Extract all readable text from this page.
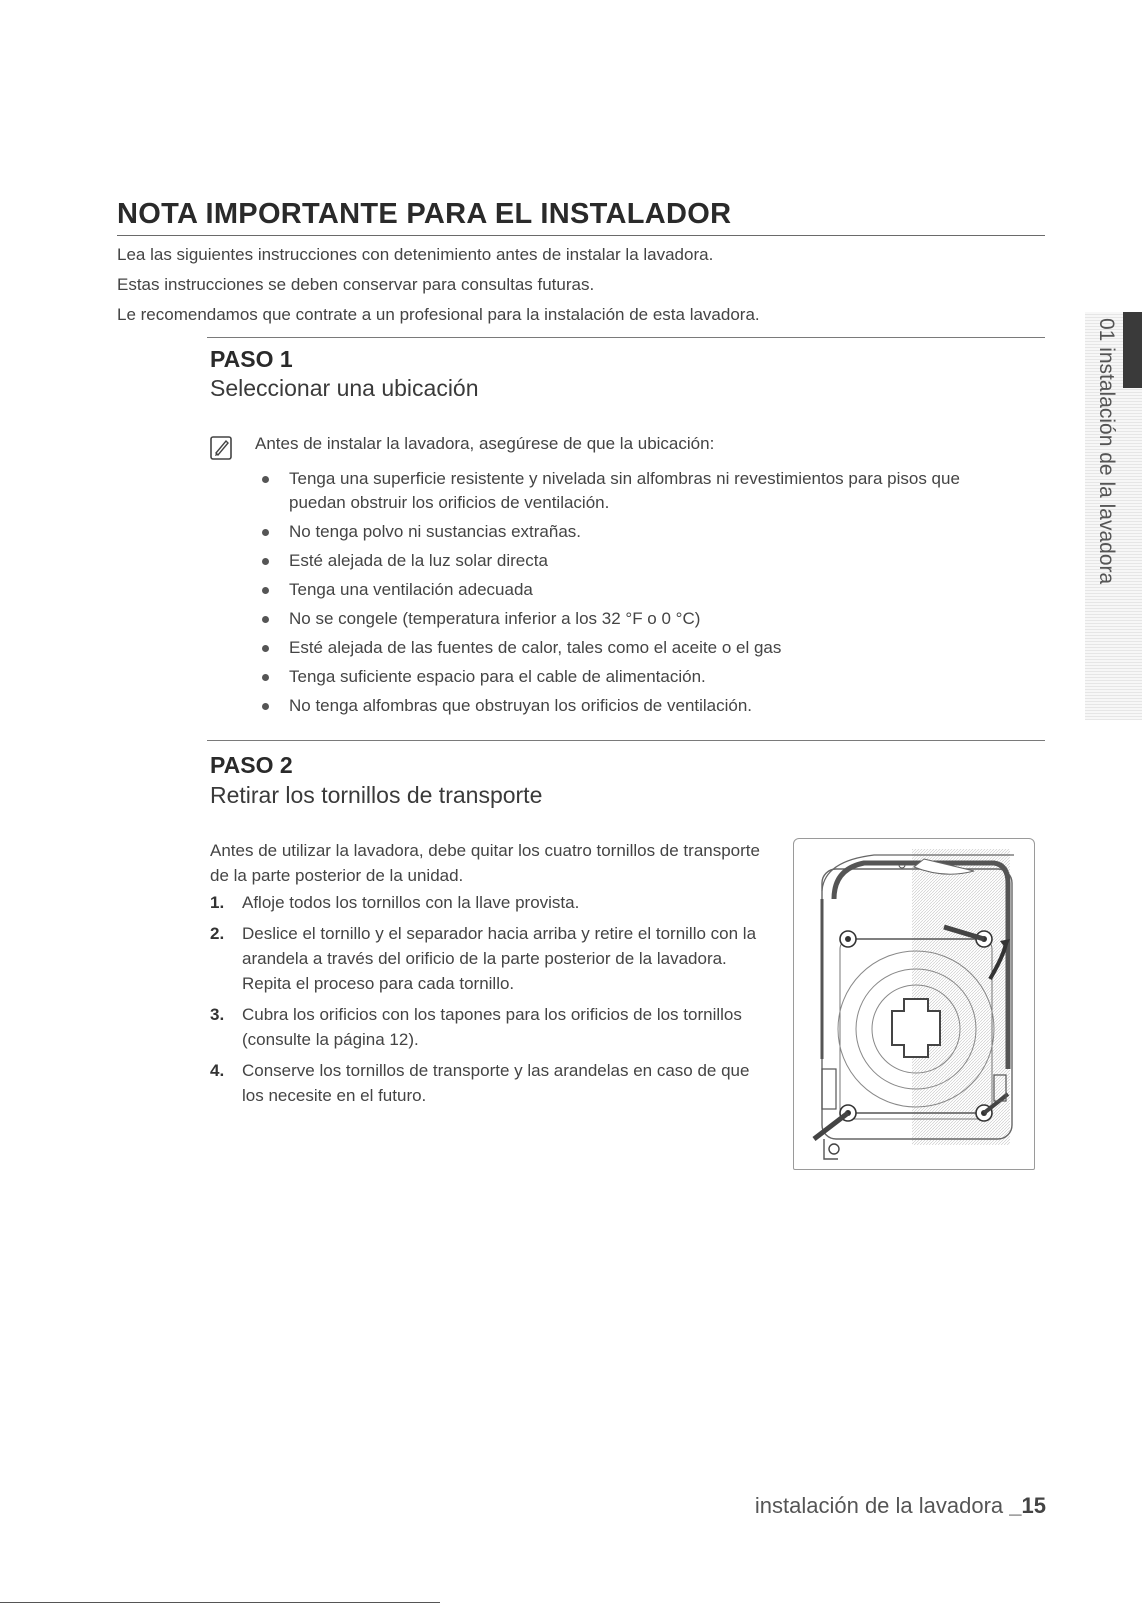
NOTA IMPORTANTE PARA EL INSTALADOR

Lea las siguientes instrucciones con detenimiento antes de instalar la lavadora.

Estas instrucciones se deben conservar para consultas futuras.

Le recomendamos que contrate a un profesional para la instalación de esta lavadora.

PASO 1
Seleccionar una ubicación
Antes de instalar la lavadora, asegúrese de que la ubicación:
Tenga una superficie resistente y nivelada sin alfombras ni revestimientos para pisos que puedan obstruir los orificios de ventilación.
No tenga polvo ni sustancias extrañas.
Esté alejada de la luz solar directa
Tenga una ventilación adecuada
No se congele (temperatura inferior a los 32 °F o 0 °C)
Esté alejada de las fuentes de calor, tales como el aceite o el gas
Tenga suficiente espacio para el cable de alimentación.
No tenga alfombras que obstruyan los orificios de ventilación.
PASO 2
Retirar los tornillos de transporte
Antes de utilizar la lavadora, debe quitar los cuatro tornillos de transporte de la parte posterior de la unidad.
1. Afloje todos los tornillos con la llave provista.
2. Deslice el tornillo y el separador hacia arriba y retire el tornillo con la arandela a través del orificio de la parte posterior de la lavadora. Repita el proceso para cada tornillo.
3. Cubra los orificios con los tapones para los orificios de los tornillos (consulte la página 12).
4. Conserve los tornillos de transporte y las arandelas en caso de que los necesite en el futuro.
01 instalación de la lavadora
instalación de la lavadora _15
